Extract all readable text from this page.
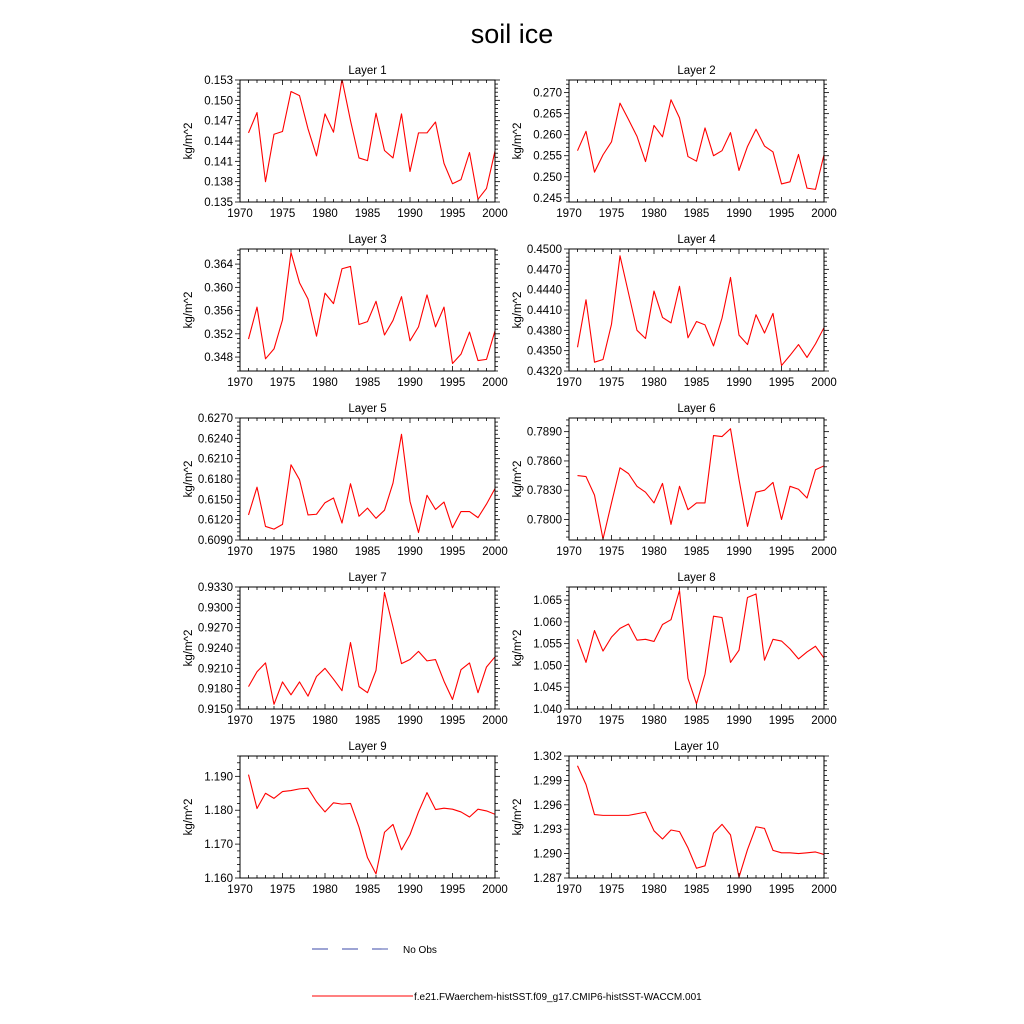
soil ice
Layer 1
1970 1975 1980 1985 1990 1995 2000
0.135
0.138
0.141
0.144
0.147
0.150
0.153
kg/m^2
Layer 2
1970 1975 1980 1985 1990 1995 2000
0.245
0.250
0.255
0.260
0.265
0.270
kg/m^2
Layer 3
1970 1975 1980 1985 1990 1995 2000
0.348
0.352
0.356
0.360
0.364
kg/m^2
Layer 4
1970 1975 1980 1985 1990 1995 2000
0.4320
0.4350
0.4380
0.4410
0.4440
0.4470
0.4500
kg/m^2
Layer 5
1970 1975 1980 1985 1990 1995 2000
0.6090
0.6120
0.6150
0.6180
0.6210
0.6240
0.6270
kg/m^2
Layer 6
1970 1975 1980 1985 1990 1995 2000
0.7800
0.7830
0.7860
0.7890
kg/m^2
Layer 7
1970 1975 1980 1985 1990 1995 2000
0.9150
0.9180
0.9210
0.9240
0.9270
0.9300
0.9330
kg/m^2
Layer 8
1970 1975 1980 1985 1990 1995 2000
1.040
1.045
1.050
1.055
1.060
1.065
kg/m^2
Layer 9
1970 1975 1980 1985 1990 1995 2000
1.160
1.170
1.180
1.190
kg/m^2
Layer 10
1970 1975 1980 1985 1990 1995 2000
1.287
1.290
1.293
1.296
1.299
1.302
kg/m^2
No Obs
f.e21.FWaerchem-histSST.f09_g17.CMIP6-histSST-WACCM.001
